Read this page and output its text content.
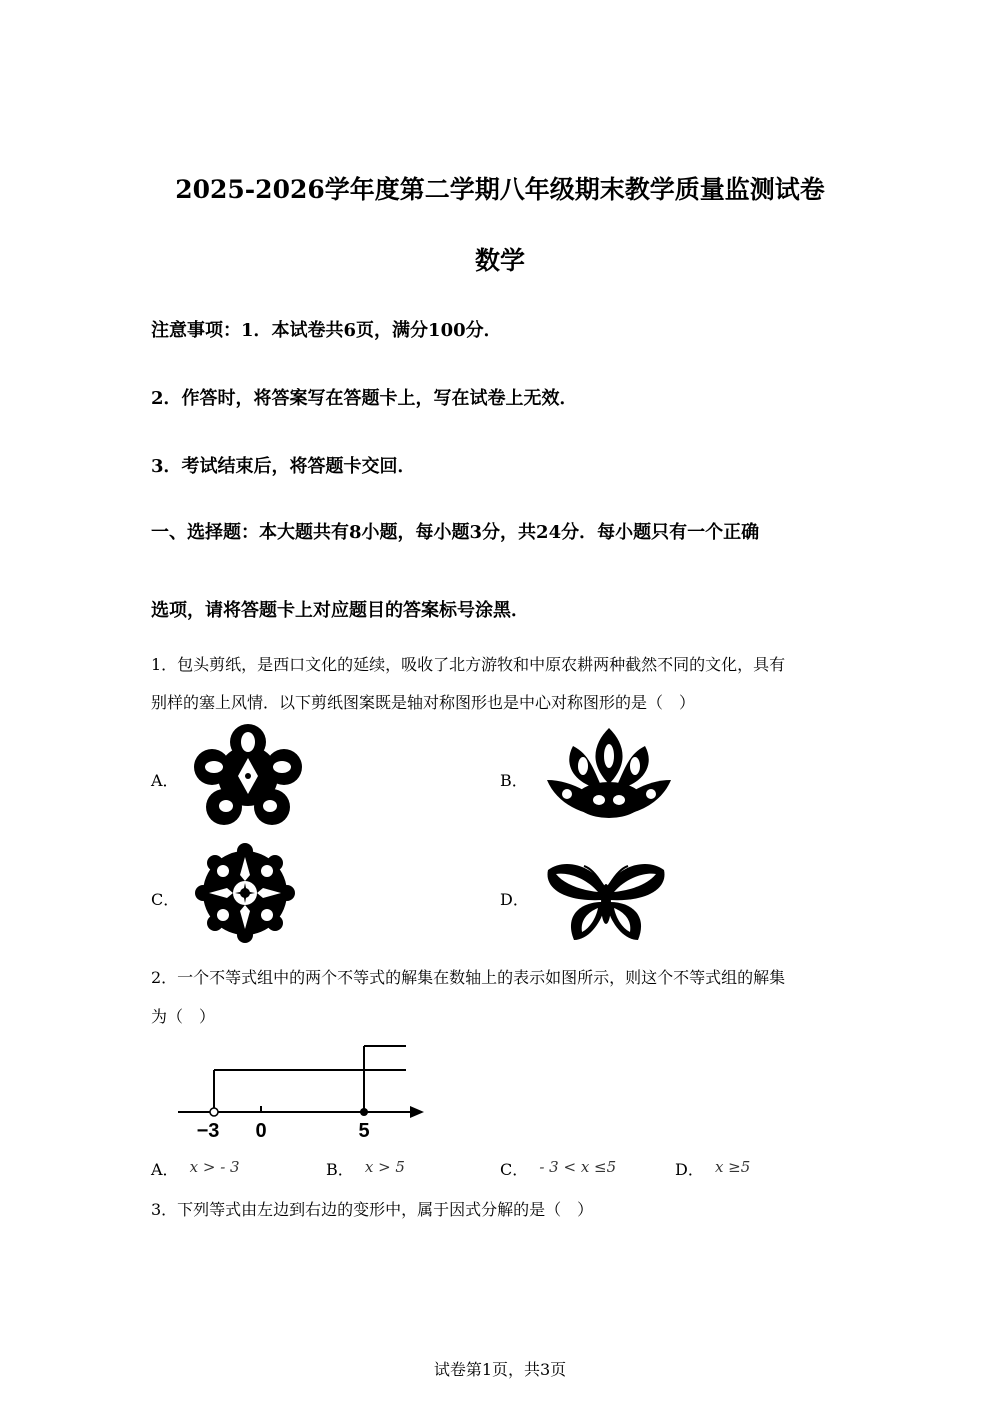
2025-2026学年度第二学期八年级期末教学质量监测试卷
数学
注意事项：1．本试卷共6页，满分100分．
2．作答时，将答案写在答题卡上，写在试卷上无效．
3．考试结束后，将答题卡交回．
一、选择题：本大题共有8小题，每小题3分，共24分．每小题只有一个正确
选项，请将答题卡上对应题目的答案标号涂黑．
1．包头剪纸，是西口文化的延续，吸收了北方游牧和中原农耕两种截然不同的文化，具有
别样的塞上风情．以下剪纸图案既是轴对称图形也是中心对称图形的是（　）
A．	B．
C．	D．
2．一个不等式组中的两个不等式的解集在数轴上的表示如图所示，则这个不等式组的解集
为（　）
−3 0	5
A． x > - 3	B． x > 5	C． - 3 < x ≤5	D． x ≥5
3．下列等式由左边到右边的变形中，属于因式分解的是（　）
试卷第1页，共3页
